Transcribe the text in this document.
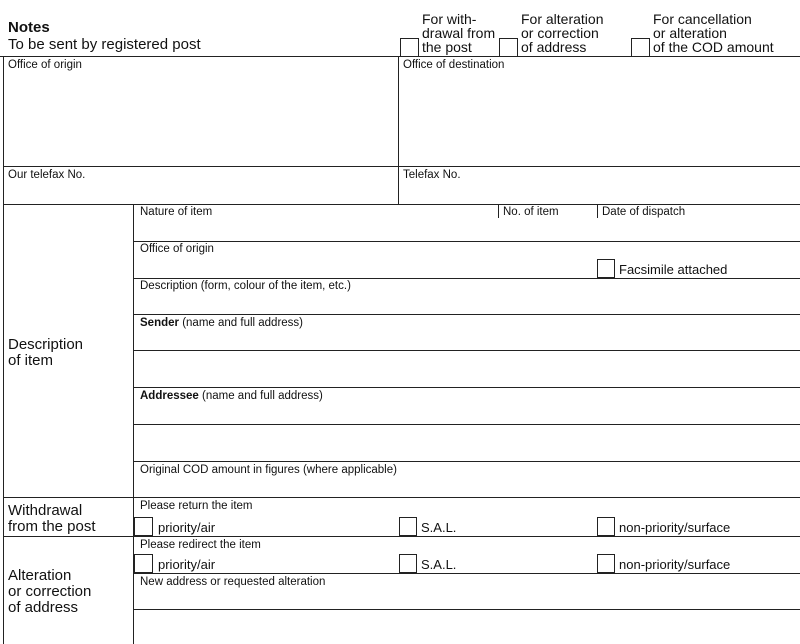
Notes
To be sent by registered post
For with-
drawal from
the post
For alteration
or correction
of address
For cancellation
or alteration
of the COD amount
Office of origin	Office of destination
Our telefax No.	Telefax No.
Description
of item
Nature of item	No. of item	Date of dispatch
Office of origin
Facsimile attached
Description (form, colour of the item, etc.)
Sender (name and full address)
Addressee (name and full address)
Original COD amount in figures (where applicable)
Withdrawal
from the post
Please return the item
priority/air	S.A.L.	non-priority/surface
Alteration
or correction
of address
Please redirect the item
priority/air	S.A.L.	non-priority/surface
New address or requested alteration
